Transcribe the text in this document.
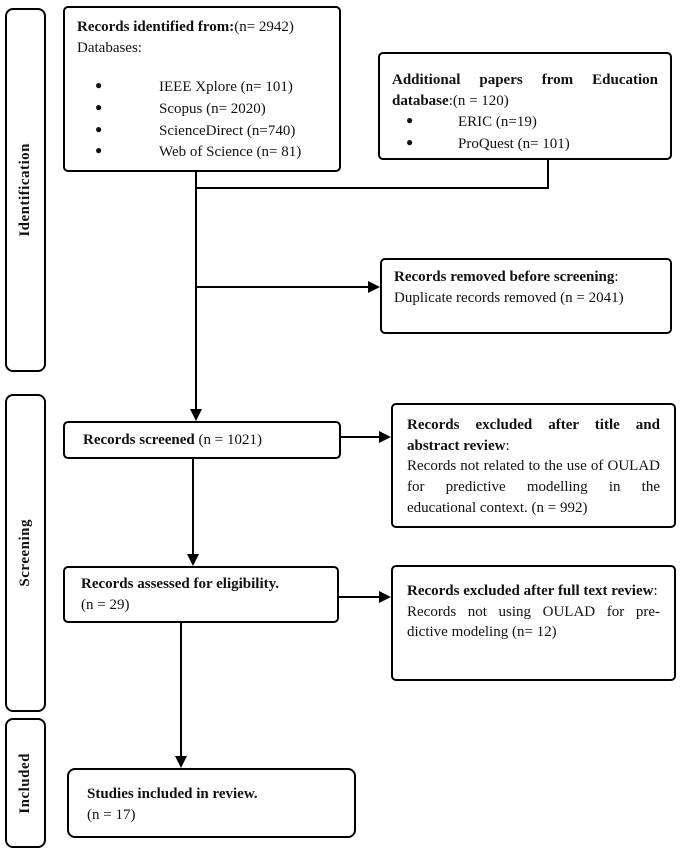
Identification
Screening
Included

Records identified from:(n= 2942)

Databases:

●	IEEE Xplore (n= 101)
●	Scopus (n= 2020)
●	ScienceDirect (n=740)
●	Web of Science (n= 81)

Additional papers from Education database:(n = 120)

●	ERIC (n=19)
●	ProQuest (n= 101)

Records removed before screening:

Duplicate records removed (n = 2041)

Records screened (n = 1021)

Records excluded after title and abstract review:

Records not related to the use of OULAD for predictive modelling in the educational context. (n = 992)

Records assessed for eligibility.

(n = 29)

Records excluded after full text review:

Records not using OULAD for pre-dictive modeling (n= 12)

Studies included in review.

(n = 17)
